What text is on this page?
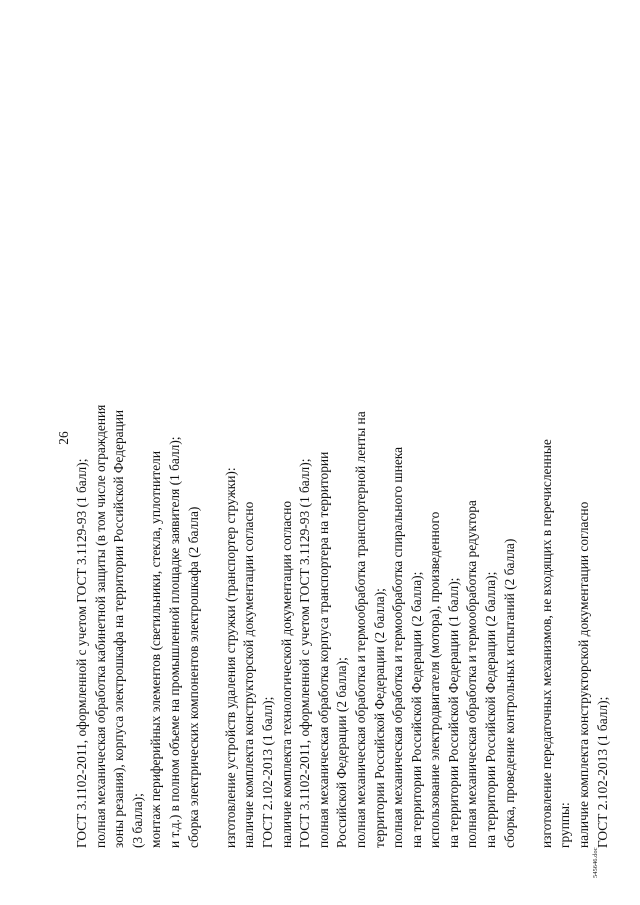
26
ГОСТ 3.1102-2011, оформленной с учетом ГОСТ 3.1129-93 (1 балл); полная механическая обработка кабинетной защиты (в том числе ограждения зоны резания), корпуса электрошкафа на территории Российской Федерации (3 балла); монтаж периферийных элементов (светильники, стекла, уплотнители и т.д.) в полном объеме на промышленной площадке заявителя (1 балл); сборка электрических компонентов электрошкафа (2 балла) изготовление устройств удаления стружки (транспортер стружки): наличие комплекта конструкторской документации согласно ГОСТ 2.102-2013 (1 балл); наличие комплекта технологической документации согласно ГОСТ 3.1102-2011, оформленной с учетом ГОСТ 3.1129-93 (1 балл); полная механическая обработка корпуса транспортера на территории Российской Федерации (2 балла); полная механическая обработка и термообработка транспортерной ленты на территории Российской Федерации (2 балла); полная механическая обработка и термообработка спирального шнека на территории Российской Федерации (2 балла); использование электродвигателя (мотора), произведенного на территории Российской Федерации (1 балл); полная механическая обработка и термообработка редуктора на территории Российской Федерации (2 балла); сборка, проведение контрольных испытаний (2 балла) изготовление передаточных механизмов, не входящих в перечисленные группы: наличие комплекта конструкторской документации согласно ГОСТ 2.102-2013 (1 балл);
545646.doc
